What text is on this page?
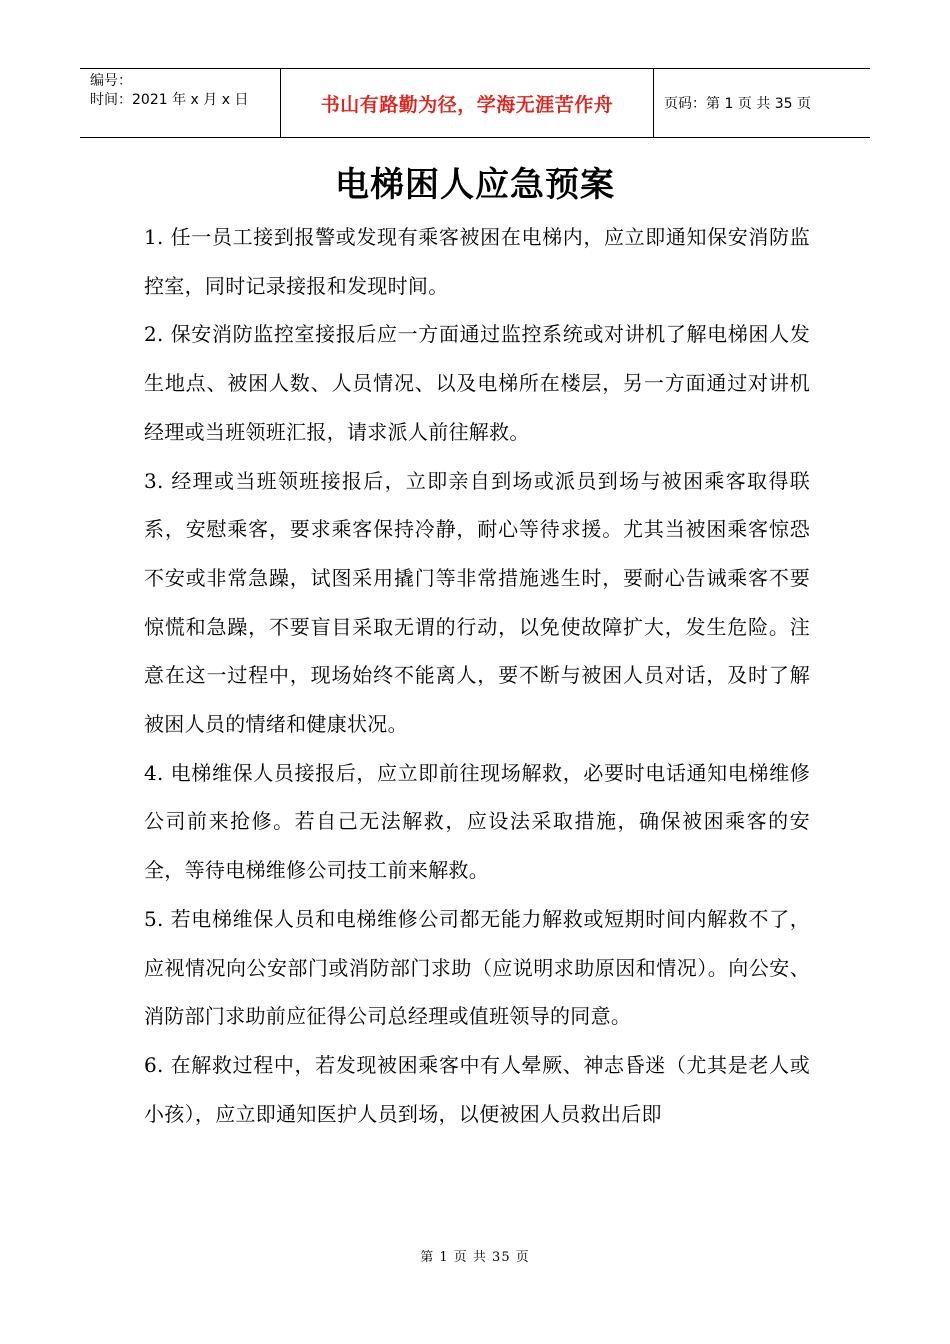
编号：
时间：2021 年 x 月 x 日	书山有路勤为径，学海无涯苦作舟	页码：第 1 页 共 35 页
电梯困人应急预案

1. 任一员工接到报警或发现有乘客被困在电梯内，应立即通知保安消防监控室，同时记录接报和发现时间。

2. 保安消防监控室接报后应一方面通过监控系统或对讲机了解电梯困人发生地点、被困人数、人员情况、以及电梯所在楼层，另一方面通过对讲机经理或当班领班汇报，请求派人前往解救。

3. 经理或当班领班接报后，立即亲自到场或派员到场与被困乘客取得联系，安慰乘客，要求乘客保持冷静，耐心等待求援。尤其当被困乘客惊恐不安或非常急躁，试图采用撬门等非常措施逃生时，要耐心告诫乘客不要惊慌和急躁，不要盲目采取无谓的行动，以免使故障扩大，发生危险。注意在这一过程中，现场始终不能离人，要不断与被困人员对话，及时了解被困人员的情绪和健康状况。

4. 电梯维保人员接报后，应立即前往现场解救，必要时电话通知电梯维修公司前来抢修。若自己无法解救，应设法采取措施，确保被困乘客的安全，等待电梯维修公司技工前来解救。

5. 若电梯维保人员和电梯维修公司都无能力解救或短期时间内解救不了，应视情况向公安部门或消防部门求助（应说明求助原因和情况）。向公安、消防部门求助前应征得公司总经理或值班领导的同意。

6. 在解救过程中，若发现被困乘客中有人晕厥、神志昏迷（尤其是老人或小孩），应立即通知医护人员到场，以便被困人员救出后即

第 1 页 共 35 页
